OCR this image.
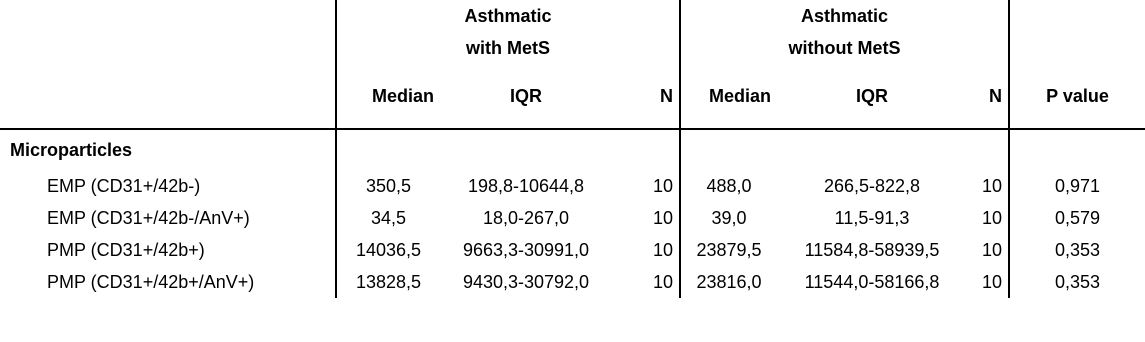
	Asthmatic			Asthmatic			
	with MetS			without MetS			
	Median	IQR	N	Median	IQR	N	P value
Microparticles							
EMP (CD31+/42b-)	350,5	198,8-10644,8	10	488,0	266,5-822,8	10	0,971
EMP (CD31+/42b-/AnV+)	34,5	18,0-267,0	10	39,0	11,5-91,3	10	0,579
PMP (CD31+/42b+)	14036,5	9663,3-30991,0	10	23879,5	11584,8-58939,5	10	0,353
PMP (CD31+/42b+/AnV+)	13828,5	9430,3-30792,0	10	23816,0	11544,0-58166,8	10	0,353
